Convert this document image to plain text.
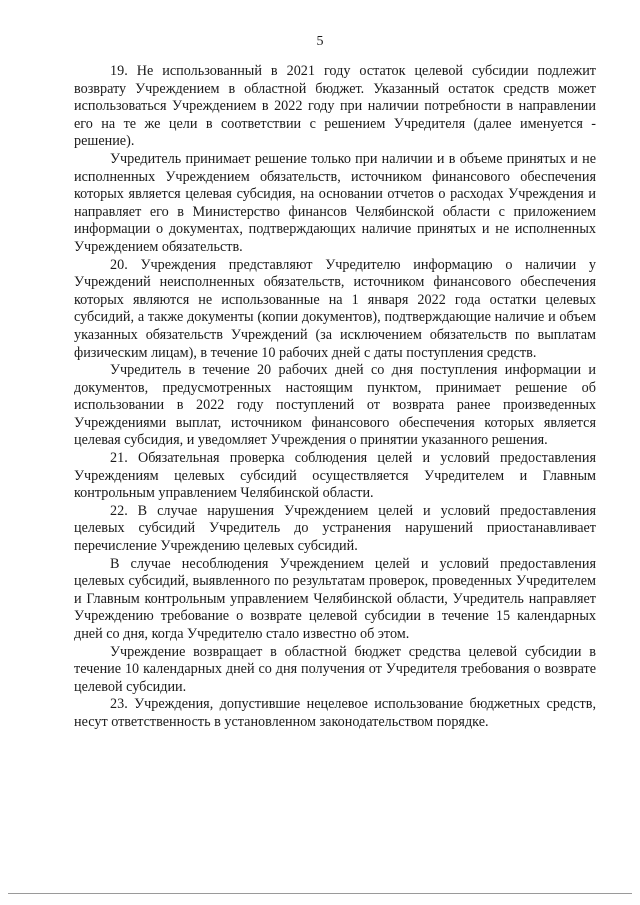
5

19. Не использованный в 2021 году остаток целевой субсидии подлежит возврату Учреждением в областной бюджет. Указанный остаток средств может использоваться Учреждением в 2022 году при наличии потребности в направлении его на те же цели в соответствии с решением Учредителя (далее именуется - решение).

Учредитель принимает решение только при наличии и в объеме принятых и не исполненных Учреждением обязательств, источником финансового обеспечения которых является целевая субсидия, на основании отчетов о расходах Учреждения и направляет его в Министерство финансов Челябинской области с приложением информации о документах, подтверждающих наличие принятых и не исполненных Учреждением обязательств.

20. Учреждения представляют Учредителю информацию о наличии у Учреждений неисполненных обязательств, источником финансового обеспечения которых являются не использованные на 1 января 2022 года остатки целевых субсидий, а также документы (копии документов), подтверждающие наличие и объем указанных обязательств Учреждений (за исключением обязательств по выплатам физическим лицам), в течение 10 рабочих дней с даты поступления средств.

Учредитель в течение 20 рабочих дней со дня поступления информации и документов, предусмотренных настоящим пунктом, принимает решение об использовании в 2022 году поступлений от возврата ранее произведенных Учреждениями выплат, источником финансового обеспечения которых является целевая субсидия, и уведомляет Учреждения о принятии указанного решения.

21. Обязательная проверка соблюдения целей и условий предоставления Учреждениям целевых субсидий осуществляется Учредителем и Главным контрольным управлением Челябинской области.

22. В случае нарушения Учреждением целей и условий предоставления целевых субсидий Учредитель до устранения нарушений приостанавливает перечисление Учреждению целевых субсидий.

В случае несоблюдения Учреждением целей и условий предоставления целевых субсидий, выявленного по результатам проверок, проведенных Учредителем и Главным контрольным управлением Челябинской области, Учредитель направляет Учреждению требование о возврате целевой субсидии в течение 15 календарных дней со дня, когда Учредителю стало известно об этом.

Учреждение возвращает в областной бюджет средства целевой субсидии в течение 10 календарных дней со дня получения от Учредителя требования о возврате целевой субсидии.

23. Учреждения, допустившие нецелевое использование бюджетных средств, несут ответственность в установленном законодательством порядке.
